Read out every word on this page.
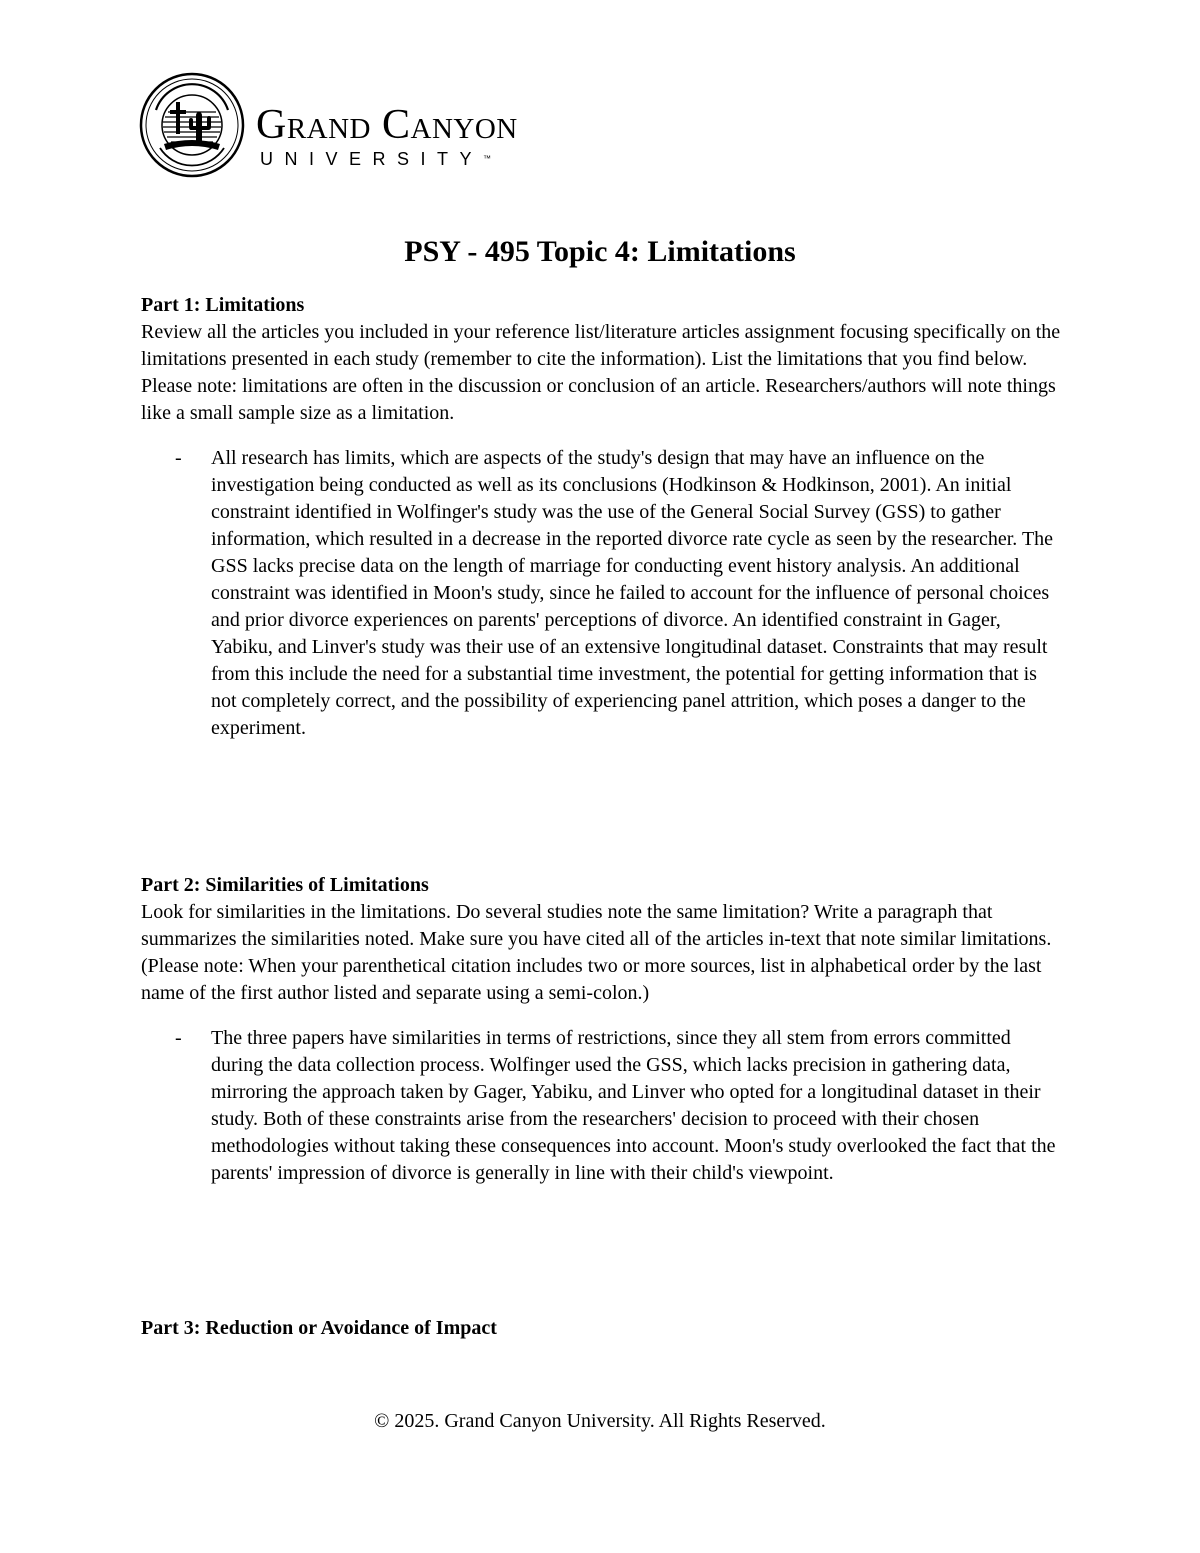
Grand Canyon
UNIVERSITY™
PSY - 495 Topic 4: Limitations

Part 1: Limitations

Review all the articles you included in your reference list/literature articles assignment focusing specifically on the limitations presented in each study (remember to cite the information). List the limitations that you find below. Please note: limitations are often in the discussion or conclusion of an article. Researchers/authors will note things like a small sample size as a limitation.

- All research has limits, which are aspects of the study's design that may have an influence on the investigation being conducted as well as its conclusions (Hodkinson & Hodkinson, 2001). An initial constraint identified in Wolfinger's study was the use of the General Social Survey (GSS) to gather information, which resulted in a decrease in the reported divorce rate cycle as seen by the researcher. The GSS lacks precise data on the length of marriage for conducting event history analysis. An additional constraint was identified in Moon's study, since he failed to account for the influence of personal choices and prior divorce experiences on parents' perceptions of divorce. An identified constraint in Gager, Yabiku, and Linver's study was their use of an extensive longitudinal dataset. Constraints that may result from this include the need for a substantial time investment, the potential for getting information that is not completely correct, and the possibility of experiencing panel attrition, which poses a danger to the experiment.

Part 2: Similarities of Limitations

Look for similarities in the limitations. Do several studies note the same limitation? Write a paragraph that summarizes the similarities noted. Make sure you have cited all of the articles in-text that note similar limitations. (Please note: When your parenthetical citation includes two or more sources, list in alphabetical order by the last name of the first author listed and separate using a semi-colon.)

- The three papers have similarities in terms of restrictions, since they all stem from errors committed during the data collection process. Wolfinger used the GSS, which lacks precision in gathering data, mirroring the approach taken by Gager, Yabiku, and Linver who opted for a longitudinal dataset in their study. Both of these constraints arise from the researchers' decision to proceed with their chosen methodologies without taking these consequences into account. Moon's study overlooked the fact that the parents' impression of divorce is generally in line with their child's viewpoint.

Part 3: Reduction or Avoidance of Impact

© 2025. Grand Canyon University. All Rights Reserved.
